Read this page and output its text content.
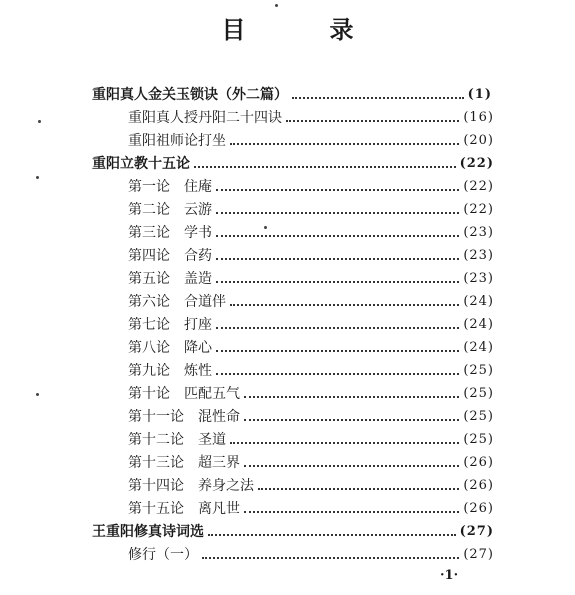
目　录
重阳真人金关玉锁诀（外二篇）	(1)
重阳真人授丹阳二十四诀	(16)
重阳祖师论打坐	(20)
重阳立教十五论	(22)
第一论　住庵	(22)
第二论　云游	(22)
第三论　学书	(23)
第四论　合药	(23)
第五论　盖造	(23)
第六论　合道伴	(24)
第七论　打座	(24)
第八论　降心	(24)
第九论　炼性	(25)
第十论　匹配五气	(25)
第十一论　混性命	(25)
第十二论　圣道	(25)
第十三论　超三界	(26)
第十四论　养身之法	(26)
第十五论　离凡世	(26)
王重阳修真诗词选	(27)
修行（一）	(27)
·1·
